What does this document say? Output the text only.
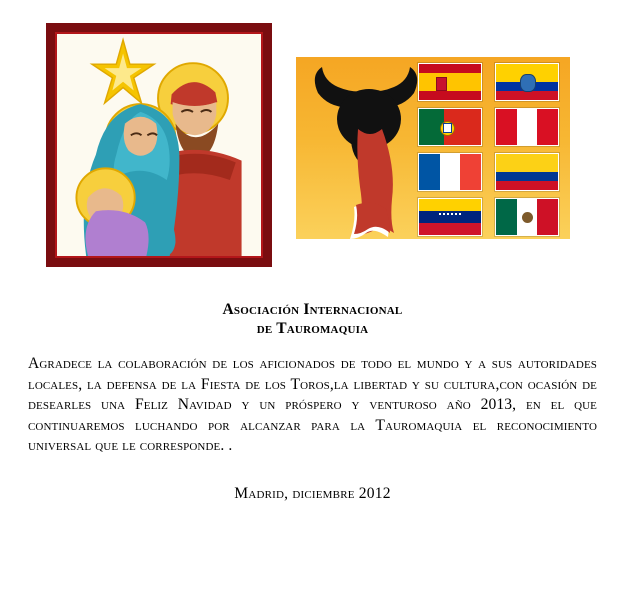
Asociación Internacional
de Tauromaquia

Agradece la colaboración de los aficionados de todo el mundo y a sus autoridades locales, la defensa de la Fiesta de los Toros,la libertad y su cultura,con ocasión de desearles una Feliz Navidad y un próspero y venturoso año 2013, en el que continuaremos luchando por alcanzar para la Tauromaquia el reconocimiento universal que le corresponde. .

Madrid, diciembre 2012
